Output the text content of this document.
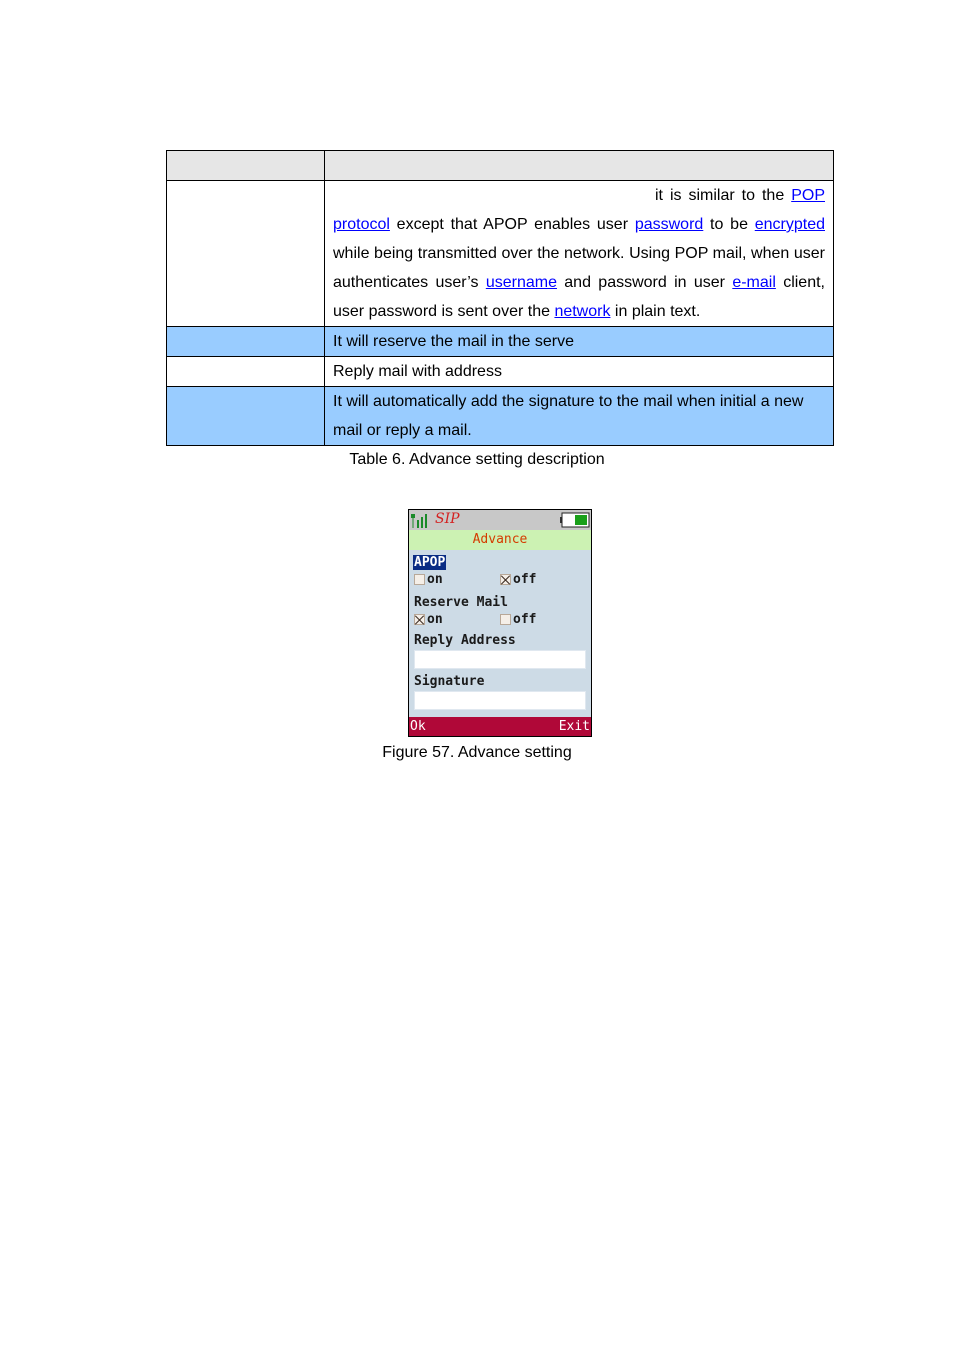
	it is similar to the POP protocol except that APOP enables user password to be encrypted while being transmitted over the network. Using POP mail, when user authenticates user’s username and password in user e-mail client, user password is sent over the network in plain text.
	It will reserve the mail in the serve
	Reply mail with address
	It will automatically add the signature to the mail when initial a new mail or reply a mail.
Table 6. Advance setting description
SIP
Advance
APOP
on	off
Reserve Mail
on	off
Reply Address
Signature
Ok	Exit
Figure 57. Advance setting
